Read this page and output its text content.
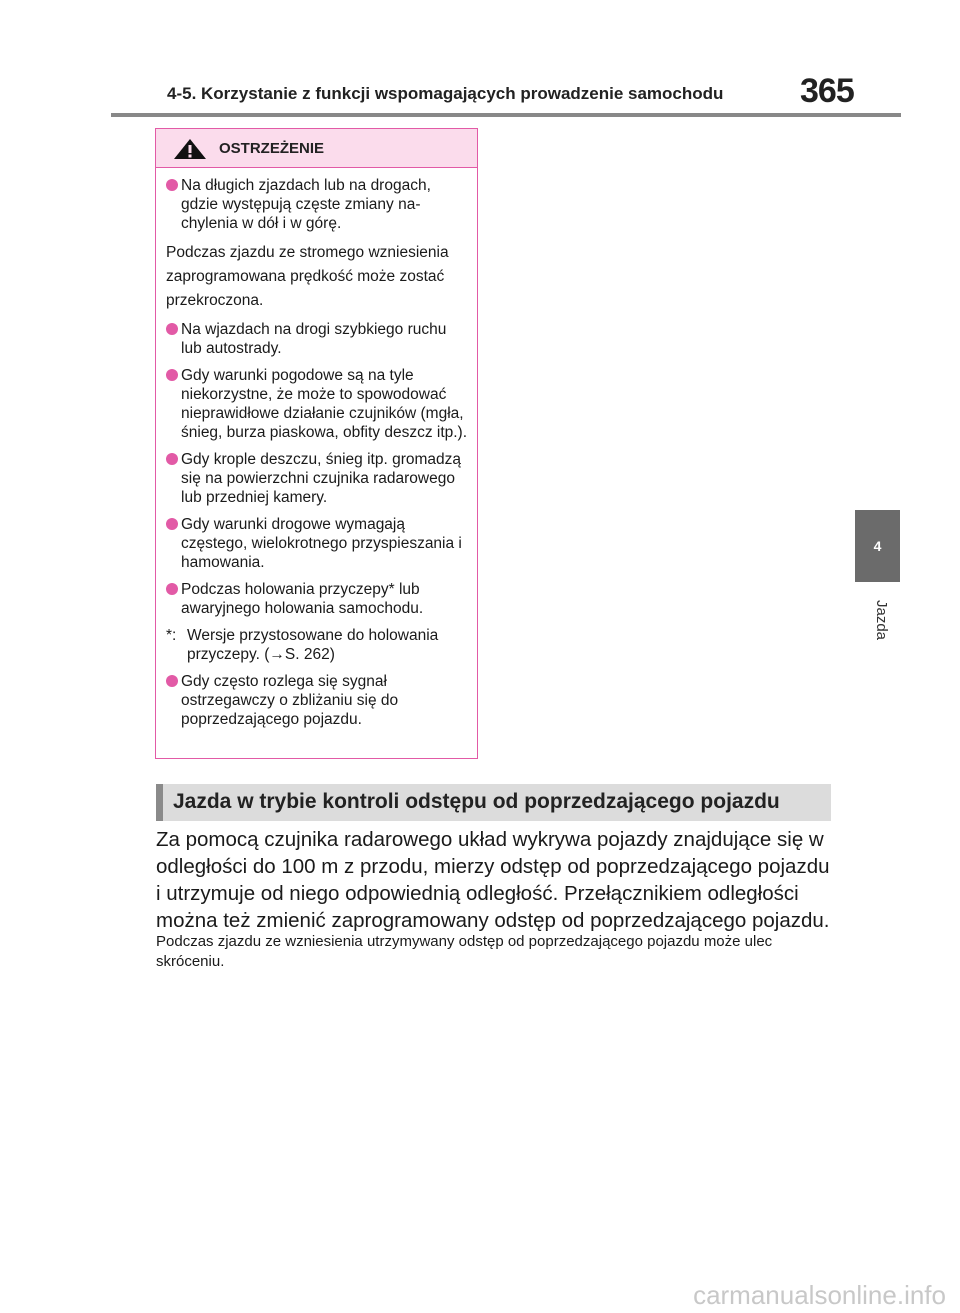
4-5. Korzystanie z funkcji wspomagających prowadzenie samochodu 365
4
Jazda
OSTRZEŻENIE
Na długich zjazdach lub na drogach, gdzie występują częste zmiany nachylenia w dół i w górę.
Podczas zjazdu ze stromego wzniesienia zaprogramowana prędkość może zostać przekroczona.
Na wjazdach na drogi szybkiego ruchu lub autostrady.
Gdy warunki pogodowe są na tyle niekorzystne, że może to spowodować nieprawidłowe działanie czujników (mgła, śnieg, burza piaskowa, obfity deszcz itp.).
Gdy krople deszczu, śnieg itp. gromadzą się na powierzchni czujnika radarowego lub przedniej kamery.
Gdy warunki drogowe wymagają częstego, wielokrotnego przyspieszania i hamowania.
Podczas holowania przyczepy* lub awaryjnego holowania samochodu.
*: Wersje przystosowane do holowania przyczepy. (→S. 262)
Gdy często rozlega się sygnał ostrzegawczy o zbliżaniu się do poprzedzającego pojazdu.
Jazda w trybie kontroli odstępu od poprzedzającego pojazdu
Za pomocą czujnika radarowego układ wykrywa pojazdy znajdujące się w odległości do 100 m z przodu, mierzy odstęp od poprzedzającego pojazdu i utrzymuje od niego odpowiednią odległość. Przełącznikiem odległości można też zmienić zaprogramowany odstęp od poprzedzającego pojazdu.
Podczas zjazdu ze wzniesienia utrzymywany odstęp od poprzedzającego pojazdu może ulec skróceniu.
carmanualsonline.info
